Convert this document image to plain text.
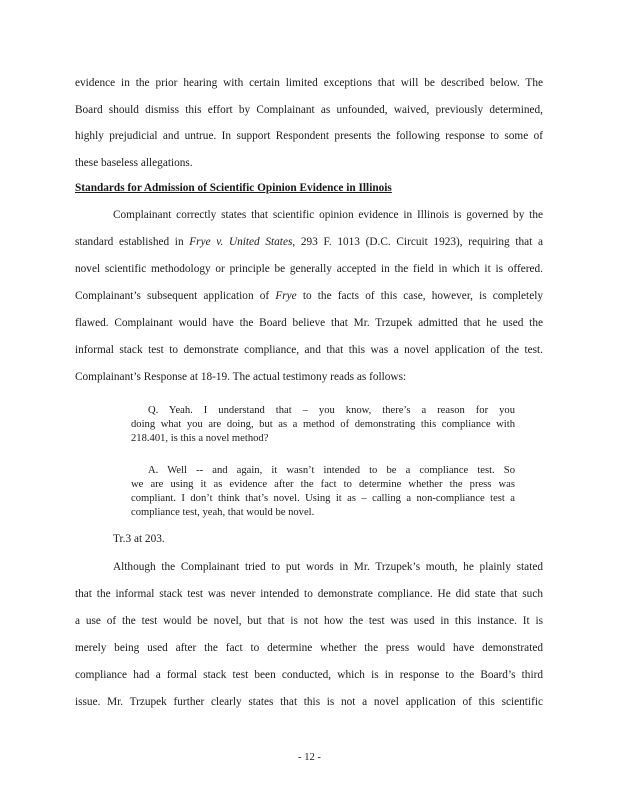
evidence in the prior hearing with certain limited exceptions that will be described below. The
Board should dismiss this effort by Complainant as unfounded, waived, previously determined,
highly prejudicial and untrue. In support Respondent presents the following response to some of
these baseless allegations.
Standards for Admission of Scientific Opinion Evidence in Illinois
Complainant correctly states that scientific opinion evidence in Illinois is governed by the
standard established in Frye v. United States, 293 F. 1013 (D.C. Circuit 1923), requiring that a
novel scientific methodology or principle be generally accepted in the field in which it is offered.
Complainant’s subsequent application of Frye to the facts of this case, however, is completely
flawed. Complainant would have the Board believe that Mr. Trzupek admitted that he used the
informal stack test to demonstrate compliance, and that this was a novel application of the test.
Complainant’s Response at 18-19. The actual testimony reads as follows:
Q. Yeah. I understand that – you know, there’s a reason for you
doing what you are doing, but as a method of demonstrating this compliance with
218.401, is this a novel method?
A. Well -- and again, it wasn’t intended to be a compliance test. So
we are using it as evidence after the fact to determine whether the press was
compliant. I don’t think that’s novel. Using it as – calling a non-compliance test a
compliance test, yeah, that would be novel.
Tr.3 at 203.
Although the Complainant tried to put words in Mr. Trzupek’s mouth, he plainly stated
that the informal stack test was never intended to demonstrate compliance. He did state that such
a use of the test would be novel, but that is not how the test was used in this instance. It is
merely being used after the fact to determine whether the press would have demonstrated
compliance had a formal stack test been conducted, which is in response to the Board’s third
issue. Mr. Trzupek further clearly states that this is not a novel application of this scientific
- 12 -
